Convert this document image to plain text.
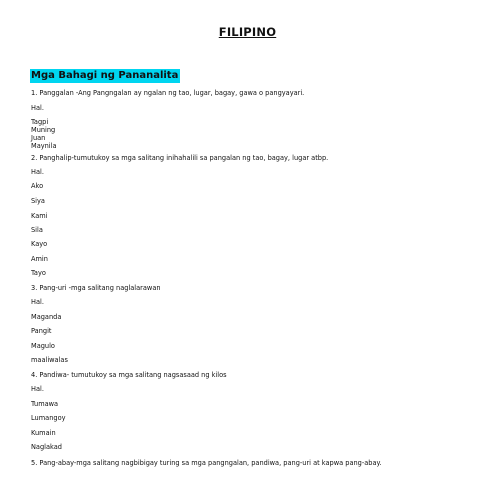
FILIPINO
Mga Bahagi ng Pananalita
1. Panggalan -Ang Pangngalan ay ngalan ng tao, lugar, bagay, gawa o pangyayari.
Hal.
Tagpi
Muning
Juan
Maynila
2. Panghalip-tumutukoy sa mga salitang inihahalili sa pangalan ng tao, bagay, lugar atbp.
Hal.
Ako
Siya
Kami
Sila
Kayo
Amin
Tayo
3. Pang-uri -mga salitang naglalarawan
Hal.
Maganda
Pangit
Magulo
maaliwalas
4. Pandiwa- tumutukoy sa mga salitang nagsasaad ng kilos
Hal.
Tumawa
Lumangoy
Kumain
Naglakad
5. Pang-abay-mga salitang nagbibigay turing sa mga pangngalan, pandiwa, pang-uri at kapwa pang-abay.
